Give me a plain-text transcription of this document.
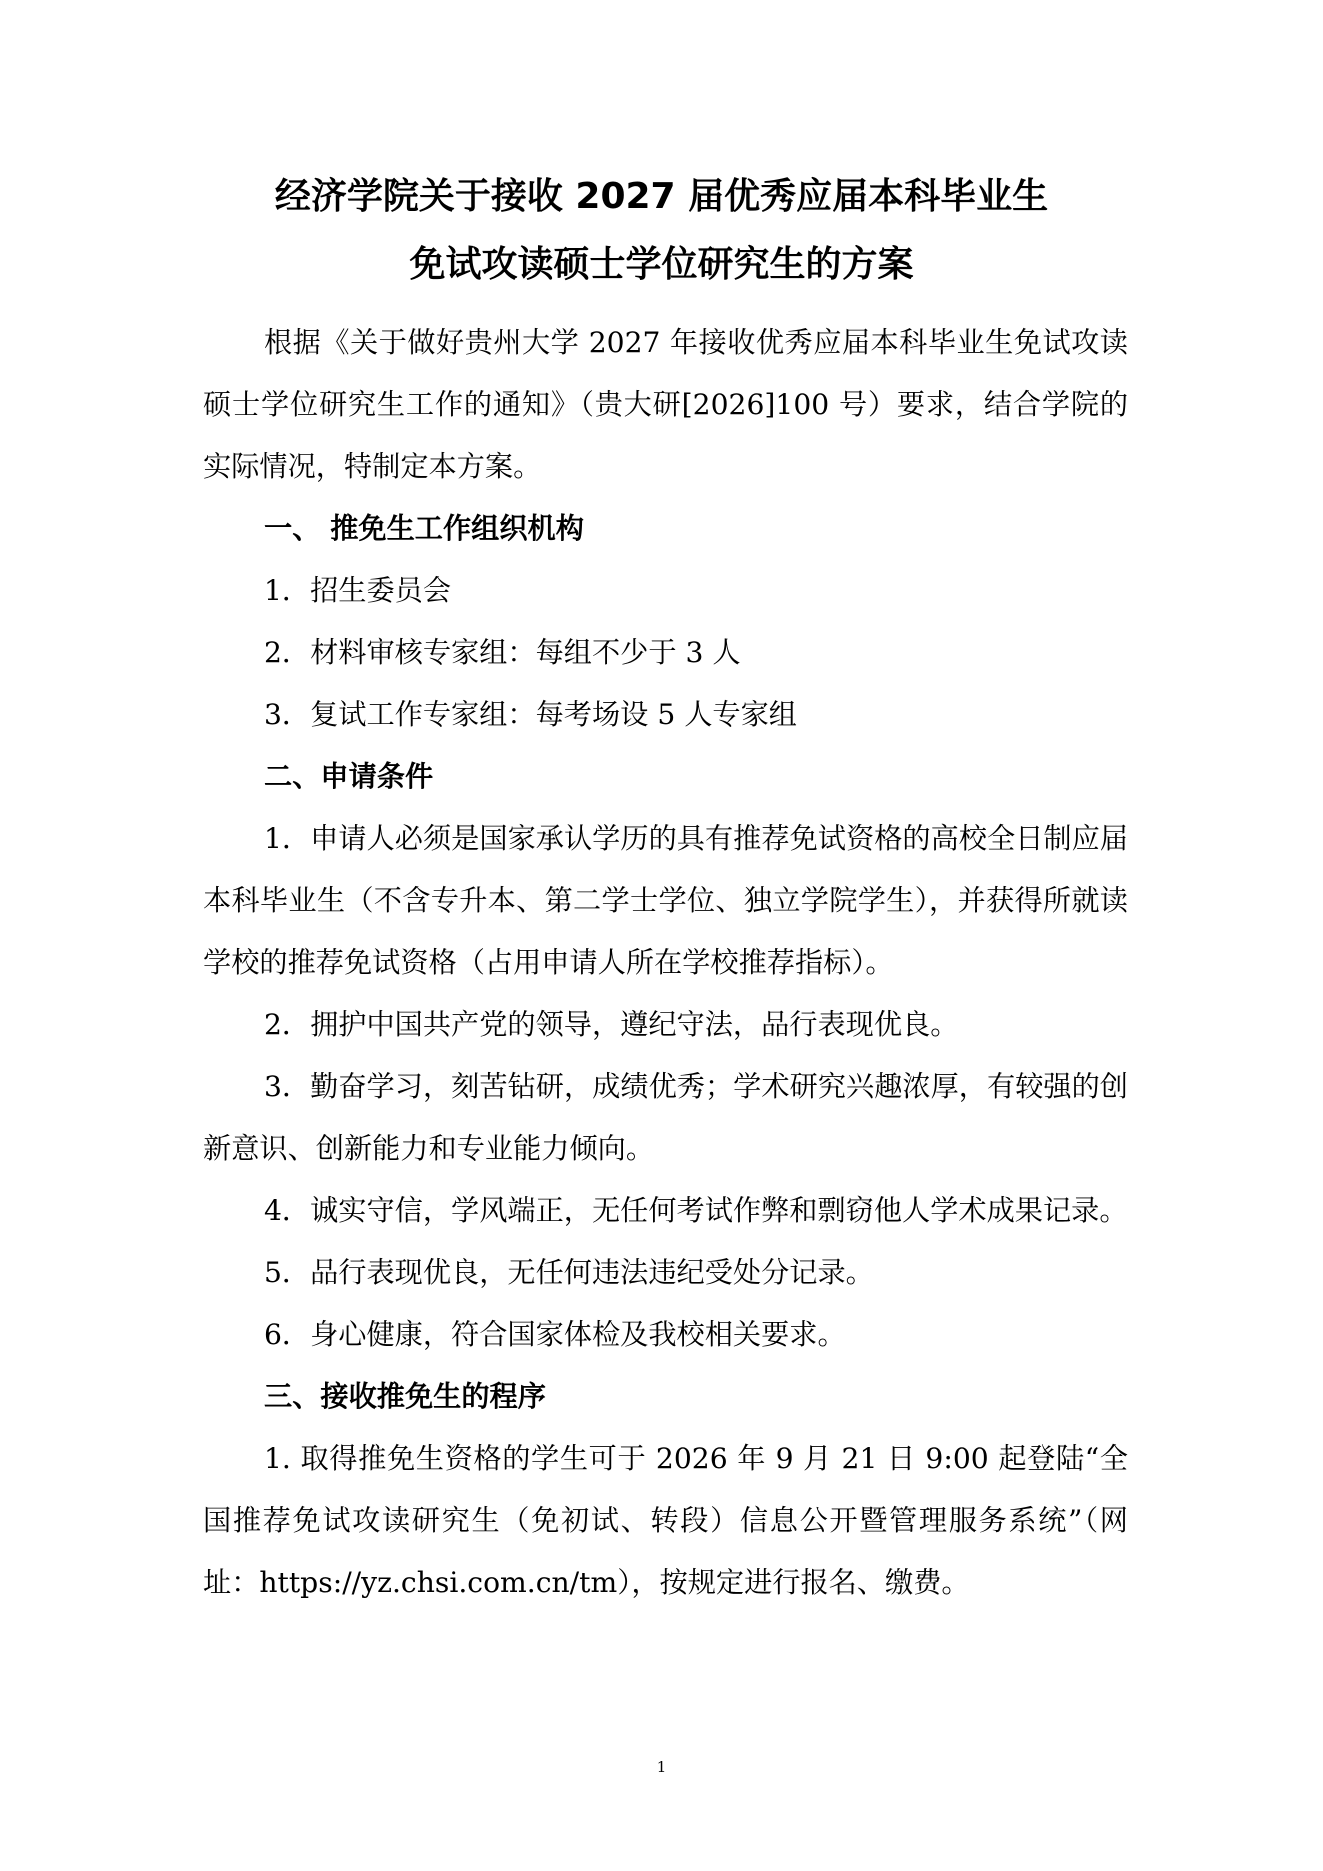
经济学院关于接收 2027 届优秀应届本科毕业生
免试攻读硕士学位研究生的方案

根据《关于做好贵州大学 2027 年接收优秀应届本科毕业生免试攻读硕士学位研究生工作的通知》（贵大研[2026]100 号）要求，结合学院的实际情况，特制定本方案。

一、 推免生工作组织机构

1．招生委员会

2．材料审核专家组：每组不少于 3 人

3．复试工作专家组：每考场设 5 人专家组

二、申请条件

1．申请人必须是国家承认学历的具有推荐免试资格的高校全日制应届本科毕业生（不含专升本、第二学士学位、独立学院学生），并获得所就读学校的推荐免试资格（占用申请人所在学校推荐指标）。

2．拥护中国共产党的领导，遵纪守法，品行表现优良。

3．勤奋学习，刻苦钻研，成绩优秀；学术研究兴趣浓厚，有较强的创新意识、创新能力和专业能力倾向。

4．诚实守信，学风端正，无任何考试作弊和剽窃他人学术成果记录。

5．品行表现优良，无任何违法违纪受处分记录。

6．身心健康，符合国家体检及我校相关要求。

三、接收推免生的程序

1. 取得推免生资格的学生可于 2026 年 9 月 21 日 9:00 起登陆“全国推荐免试攻读研究生（免初试、转段）信息公开暨管理服务系统”（网址：https://yz.chsi.com.cn/tm），按规定进行报名、缴费。

1
